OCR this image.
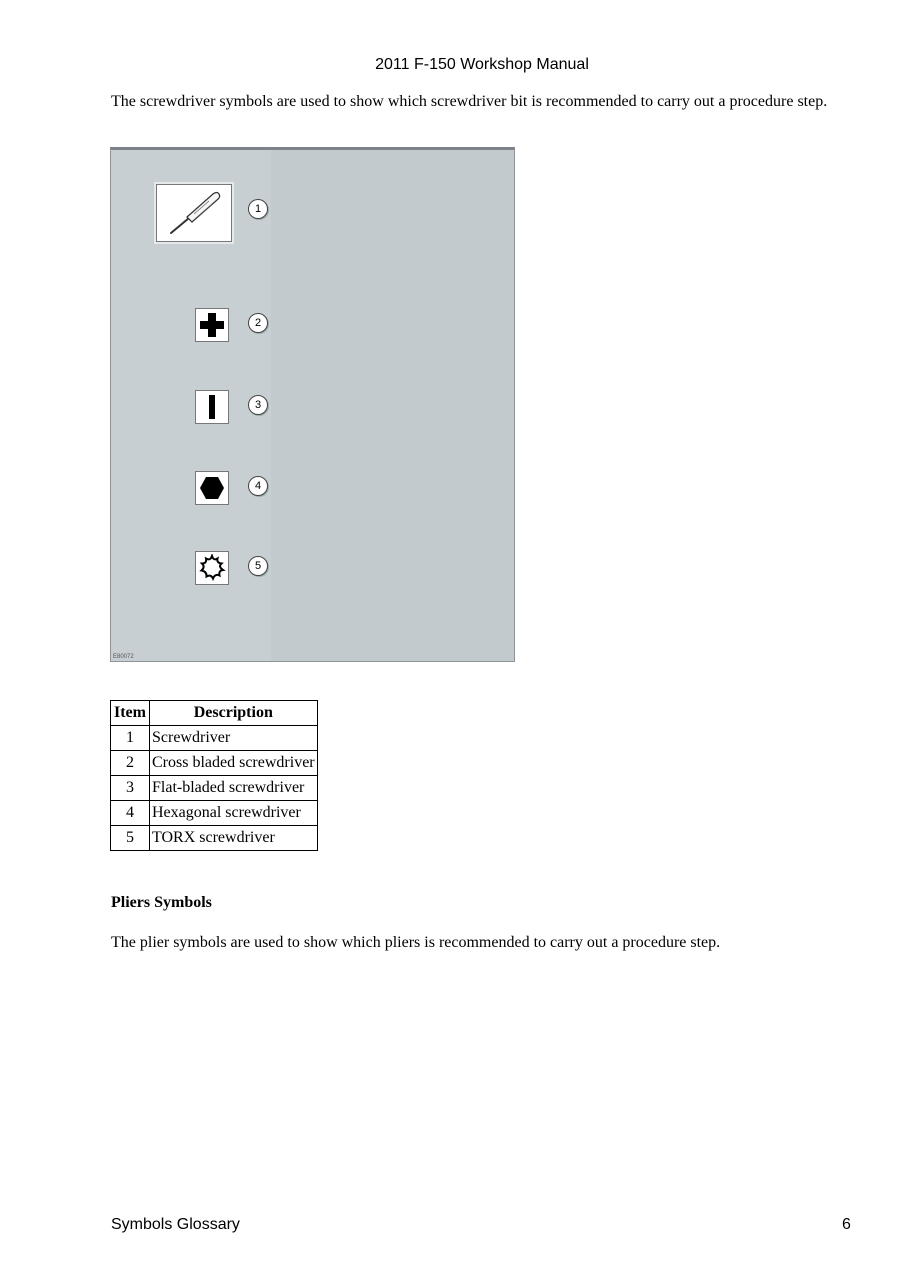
2011 F-150 Workshop Manual

The screwdriver symbols are used to show which screwdriver bit is recommended to carry out a procedure step.

1
2
3
4
5
E80072
Item	Description
1	Screwdriver
2	Cross bladed screwdriver
3	Flat-bladed screwdriver
4	Hexagonal screwdriver
5	TORX screwdriver
Pliers Symbols
The plier symbols are used to show which pliers is recommended to carry out a procedure step.
Symbols Glossary	6
